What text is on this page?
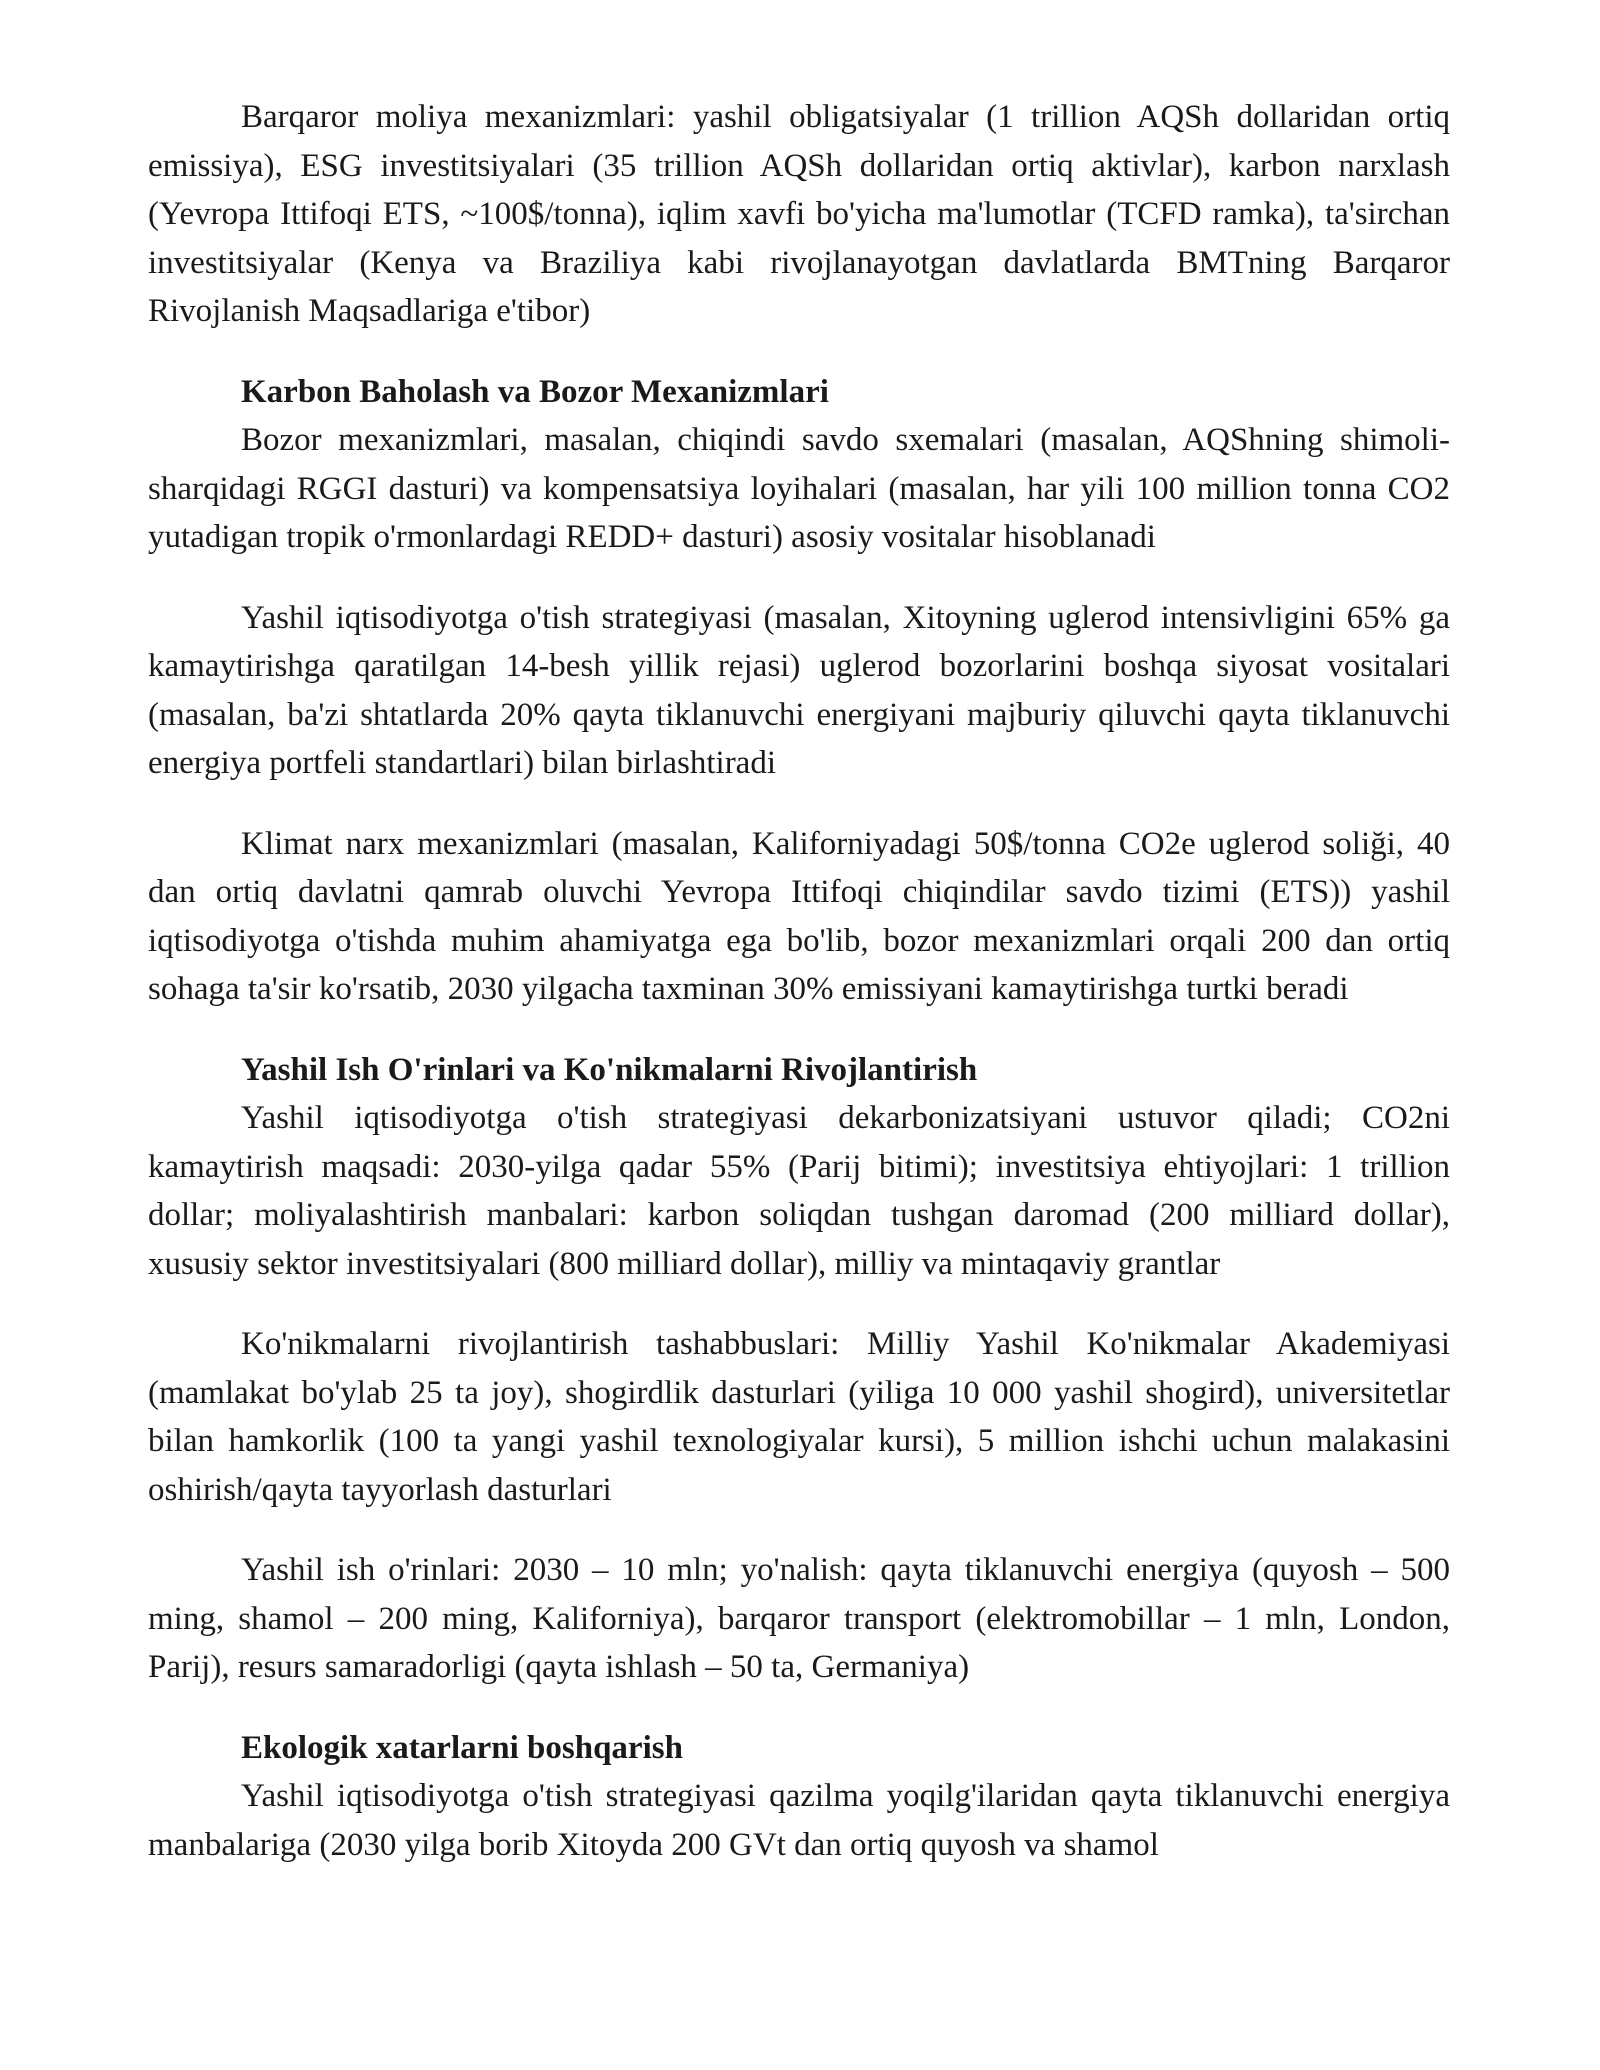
Barqaror moliya mexanizmlari: yashil obligatsiyalar (1 trillion AQSh dollaridan ortiq emissiya), ESG investitsiyalari (35 trillion AQSh dollaridan ortiq aktivlar), karbon narxlash (Yevropa Ittifoqi ETS, ~100$/tonna), iqlim xavfi bo'yicha ma'lumotlar (TCFD ramka), ta'sirchan investitsiyalar (Kenya va Braziliya kabi rivojlanayotgan davlatlarda BMTning Barqaror Rivojlanish Maqsadlariga e'tibor)

Karbon Baholash va Bozor Mexanizmlari

Bozor mexanizmlari, masalan, chiqindi savdo sxemalari (masalan, AQShning shimoli-sharqidagi RGGI dasturi) va kompensatsiya loyihalari (masalan, har yili 100 million tonna CO2 yutadigan tropik o'rmonlardagi REDD+ dasturi) asosiy vositalar hisoblanadi

Yashil iqtisodiyotga o'tish strategiyasi (masalan, Xitoyning uglerod intensivligini 65% ga kamaytirishga qaratilgan 14-besh yillik rejasi) uglerod bozorlarini boshqa siyosat vositalari (masalan, ba'zi shtatlarda 20% qayta tiklanuvchi energiyani majburiy qiluvchi qayta tiklanuvchi energiya portfeli standartlari) bilan birlashtiradi

Klimat narx mexanizmlari (masalan, Kaliforniyadagi 50$/tonna CO2e uglerod soliği, 40 dan ortiq davlatni qamrab oluvchi Yevropa Ittifoqi chiqindilar savdo tizimi (ETS)) yashil iqtisodiyotga o'tishda muhim ahamiyatga ega bo'lib, bozor mexanizmlari orqali 200 dan ortiq sohaga ta'sir ko'rsatib, 2030 yilgacha taxminan 30% emissiyani kamaytirishga turtki beradi

Yashil Ish O'rinlari va Ko'nikmalarni Rivojlantirish

Yashil iqtisodiyotga o'tish strategiyasi dekarbonizatsiyani ustuvor qiladi; CO2ni kamaytirish maqsadi: 2030-yilga qadar 55% (Parij bitimi); investitsiya ehtiyojlari: 1 trillion dollar; moliyalashtirish manbalari: karbon soliqdan tushgan daromad (200 milliard dollar), xususiy sektor investitsiyalari (800 milliard dollar), milliy va mintaqaviy grantlar

Ko'nikmalarni rivojlantirish tashabbuslari: Milliy Yashil Ko'nikmalar Akademiyasi (mamlakat bo'ylab 25 ta joy), shogirdlik dasturlari (yiliga 10 000 yashil shogird), universitetlar bilan hamkorlik (100 ta yangi yashil texnologiyalar kursi), 5 million ishchi uchun malakasini oshirish/qayta tayyorlash dasturlari

Yashil ish o'rinlari: 2030 – 10 mln; yo'nalish: qayta tiklanuvchi energiya (quyosh – 500 ming, shamol – 200 ming, Kaliforniya), barqaror transport (elektromobillar – 1 mln, London, Parij), resurs samaradorligi (qayta ishlash – 50 ta, Germaniya)

Ekologik xatarlarni boshqarish

Yashil iqtisodiyotga o'tish strategiyasi qazilma yoqilg'ilaridan qayta tiklanuvchi energiya manbalariga (2030 yilga borib Xitoyda 200 GVt dan ortiq quyosh va shamol
